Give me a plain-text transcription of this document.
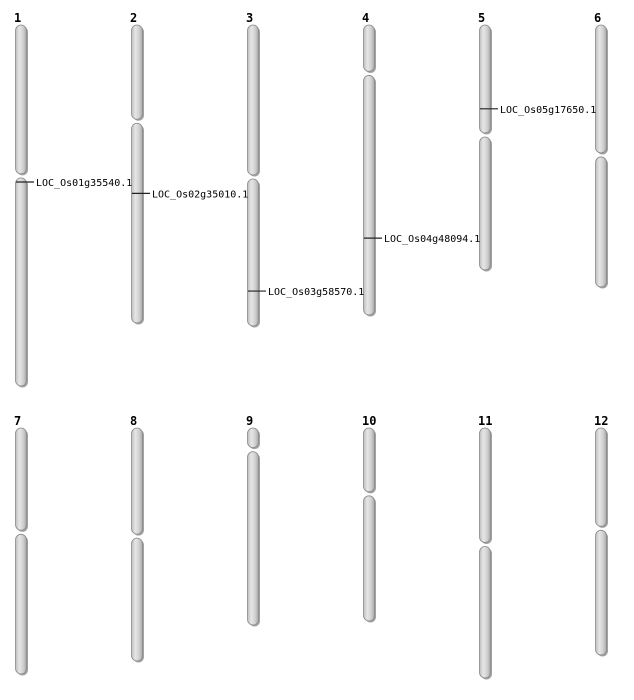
1	2	3	4	5	6
7	8	9	10	11	12
LOC_Os01g35540.1
LOC_Os02g35010.1
LOC_Os03g58570.1
LOC_Os04g48094.1
LOC_Os05g17650.1
